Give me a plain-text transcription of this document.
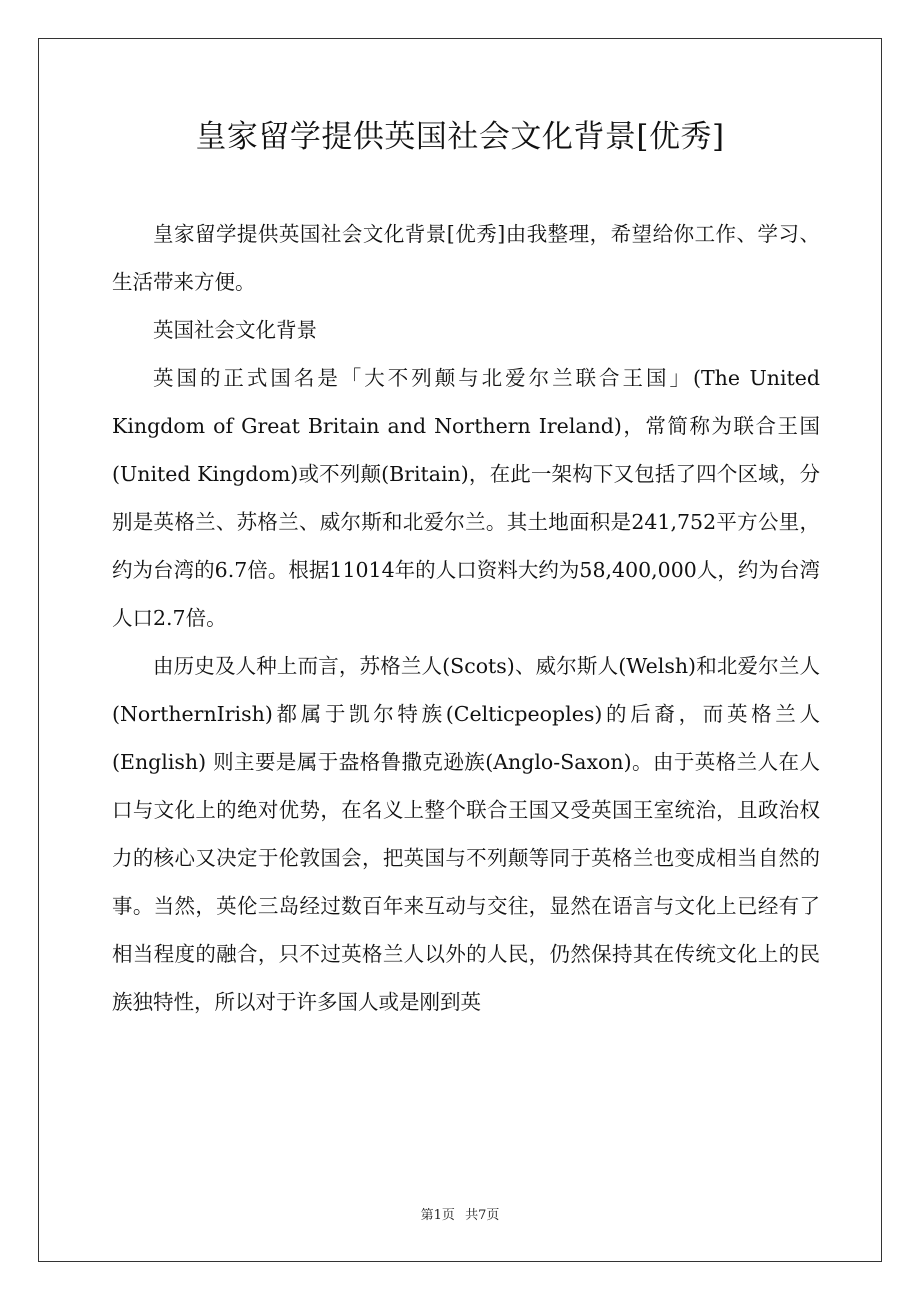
皇家留学提供英国社会文化背景[优秀]

皇家留学提供英国社会文化背景[优秀]由我整理，希望给你工作、学习、生活带来方便。

英国社会文化背景

英国的正式国名是「大不列颠与北爱尔兰联合王国」(The United Kingdom of Great Britain and Northern Ireland)，常简称为联合王国(United Kingdom)或不列颠(Britain)，在此一架构下又包括了四个区域，分别是英格兰、苏格兰、威尔斯和北爱尔兰。其土地面积是241,752平方公里，约为台湾的6.7倍。根据11014年的人口资料大约为58,400,000人，约为台湾人口2.7倍。

由历史及人种上而言，苏格兰人(Scots)、威尔斯人(Welsh)和北爱尔兰人(NorthernIrish)都属于凯尔特族(Celticpeoples)的后裔，而英格兰人(English) 则主要是属于盎格鲁撒克逊族(Anglo-Saxon)。由于英格兰人在人口与文化上的绝对优势，在名义上整个联合王国又受英国王室统治，且政治权力的核心又决定于伦敦国会，把英国与不列颠等同于英格兰也变成相当自然的事。当然，英伦三岛经过数百年来互动与交往，显然在语言与文化上已经有了相当程度的融合，只不过英格兰人以外的人民，仍然保持其在传统文化上的民族独特性，所以对于许多国人或是刚到英

第1页 共7页
